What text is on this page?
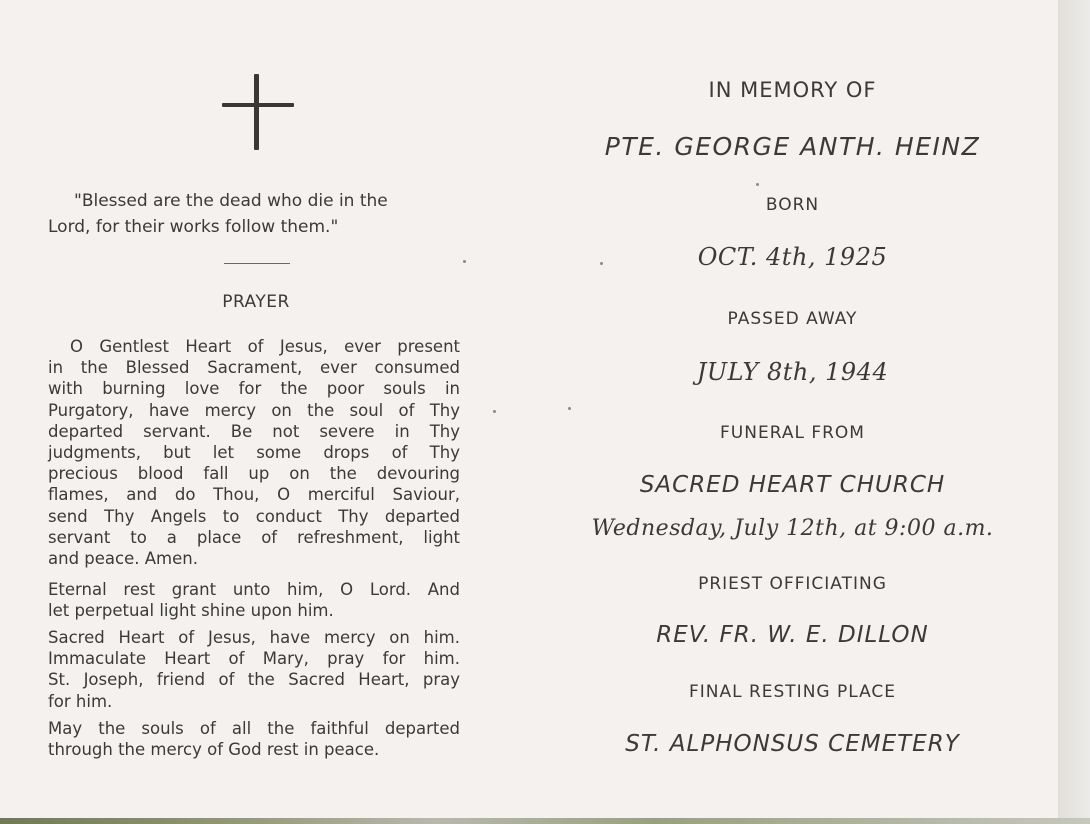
"Blessed are the dead who die in the
Lord, for their works follow them."
PRAYER
O Gentlest Heart of Jesus, ever present
in the Blessed Sacrament, ever consumed
with burning love for the poor souls in
Purgatory, have mercy on the soul of Thy
departed servant. Be not severe in Thy
judgments, but let some drops of Thy
precious blood fall up on the devouring
flames, and do Thou, O merciful Saviour,
send Thy Angels to conduct Thy departed
servant to a place of refreshment, light
and peace. Amen.
Eternal rest grant unto him, O Lord. And
let perpetual light shine upon him.
Sacred Heart of Jesus, have mercy on him.
Immaculate Heart of Mary, pray for him.
St. Joseph, friend of the Sacred Heart, pray
for him.
May the souls of all the faithful departed
through the mercy of God rest in peace.
IN MEMORY OF
PTE. GEORGE ANTH. HEINZ
BORN
OCT. 4th, 1925
PASSED AWAY
JULY 8th, 1944
FUNERAL FROM
SACRED HEART CHURCH
Wednesday, July 12th, at 9:00 a.m.
PRIEST OFFICIATING
REV. FR. W. E. DILLON
FINAL RESTING PLACE
ST. ALPHONSUS CEMETERY
